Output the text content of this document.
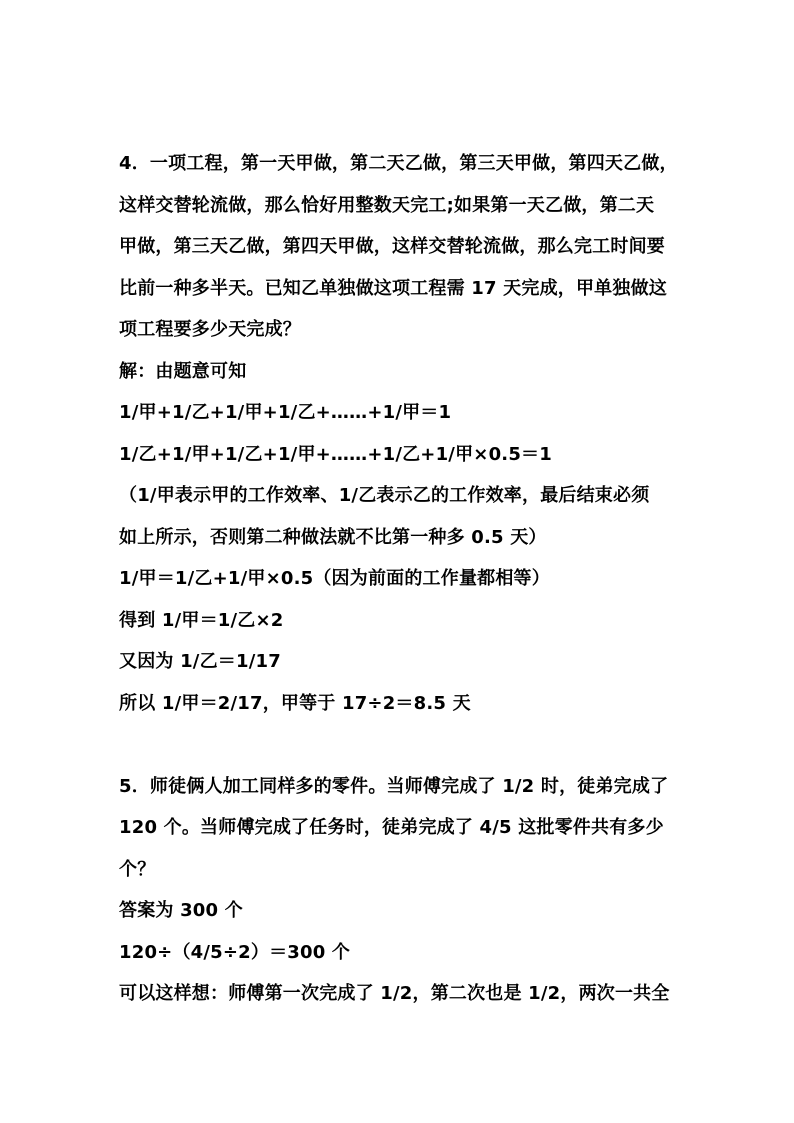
4．一项工程，第一天甲做，第二天乙做，第三天甲做，第四天乙做，
这样交替轮流做，那么恰好用整数天完工;如果第一天乙做，第二天
甲做，第三天乙做，第四天甲做，这样交替轮流做，那么完工时间要
比前一种多半天。已知乙单独做这项工程需 17 天完成，甲单独做这
项工程要多少天完成？
解：由题意可知
1/甲+1/乙+1/甲+1/乙+……+1/甲＝1
1/乙+1/甲+1/乙+1/甲+……+1/乙+1/甲×0.5＝1
（1/甲表示甲的工作效率、1/乙表示乙的工作效率，最后结束必须
如上所示，否则第二种做法就不比第一种多 0.5 天）
1/甲＝1/乙+1/甲×0.5（因为前面的工作量都相等）
得到 1/甲＝1/乙×2
又因为 1/乙＝1/17
所以 1/甲＝2/17，甲等于 17÷2＝8.5 天
5．师徒俩人加工同样多的零件。当师傅完成了 1/2 时，徒弟完成了
120 个。当师傅完成了任务时，徒弟完成了 4/5 这批零件共有多少
个？
答案为 300 个
120÷（4/5÷2）＝300 个
可以这样想：师傅第一次完成了 1/2，第二次也是 1/2，两次一共全
